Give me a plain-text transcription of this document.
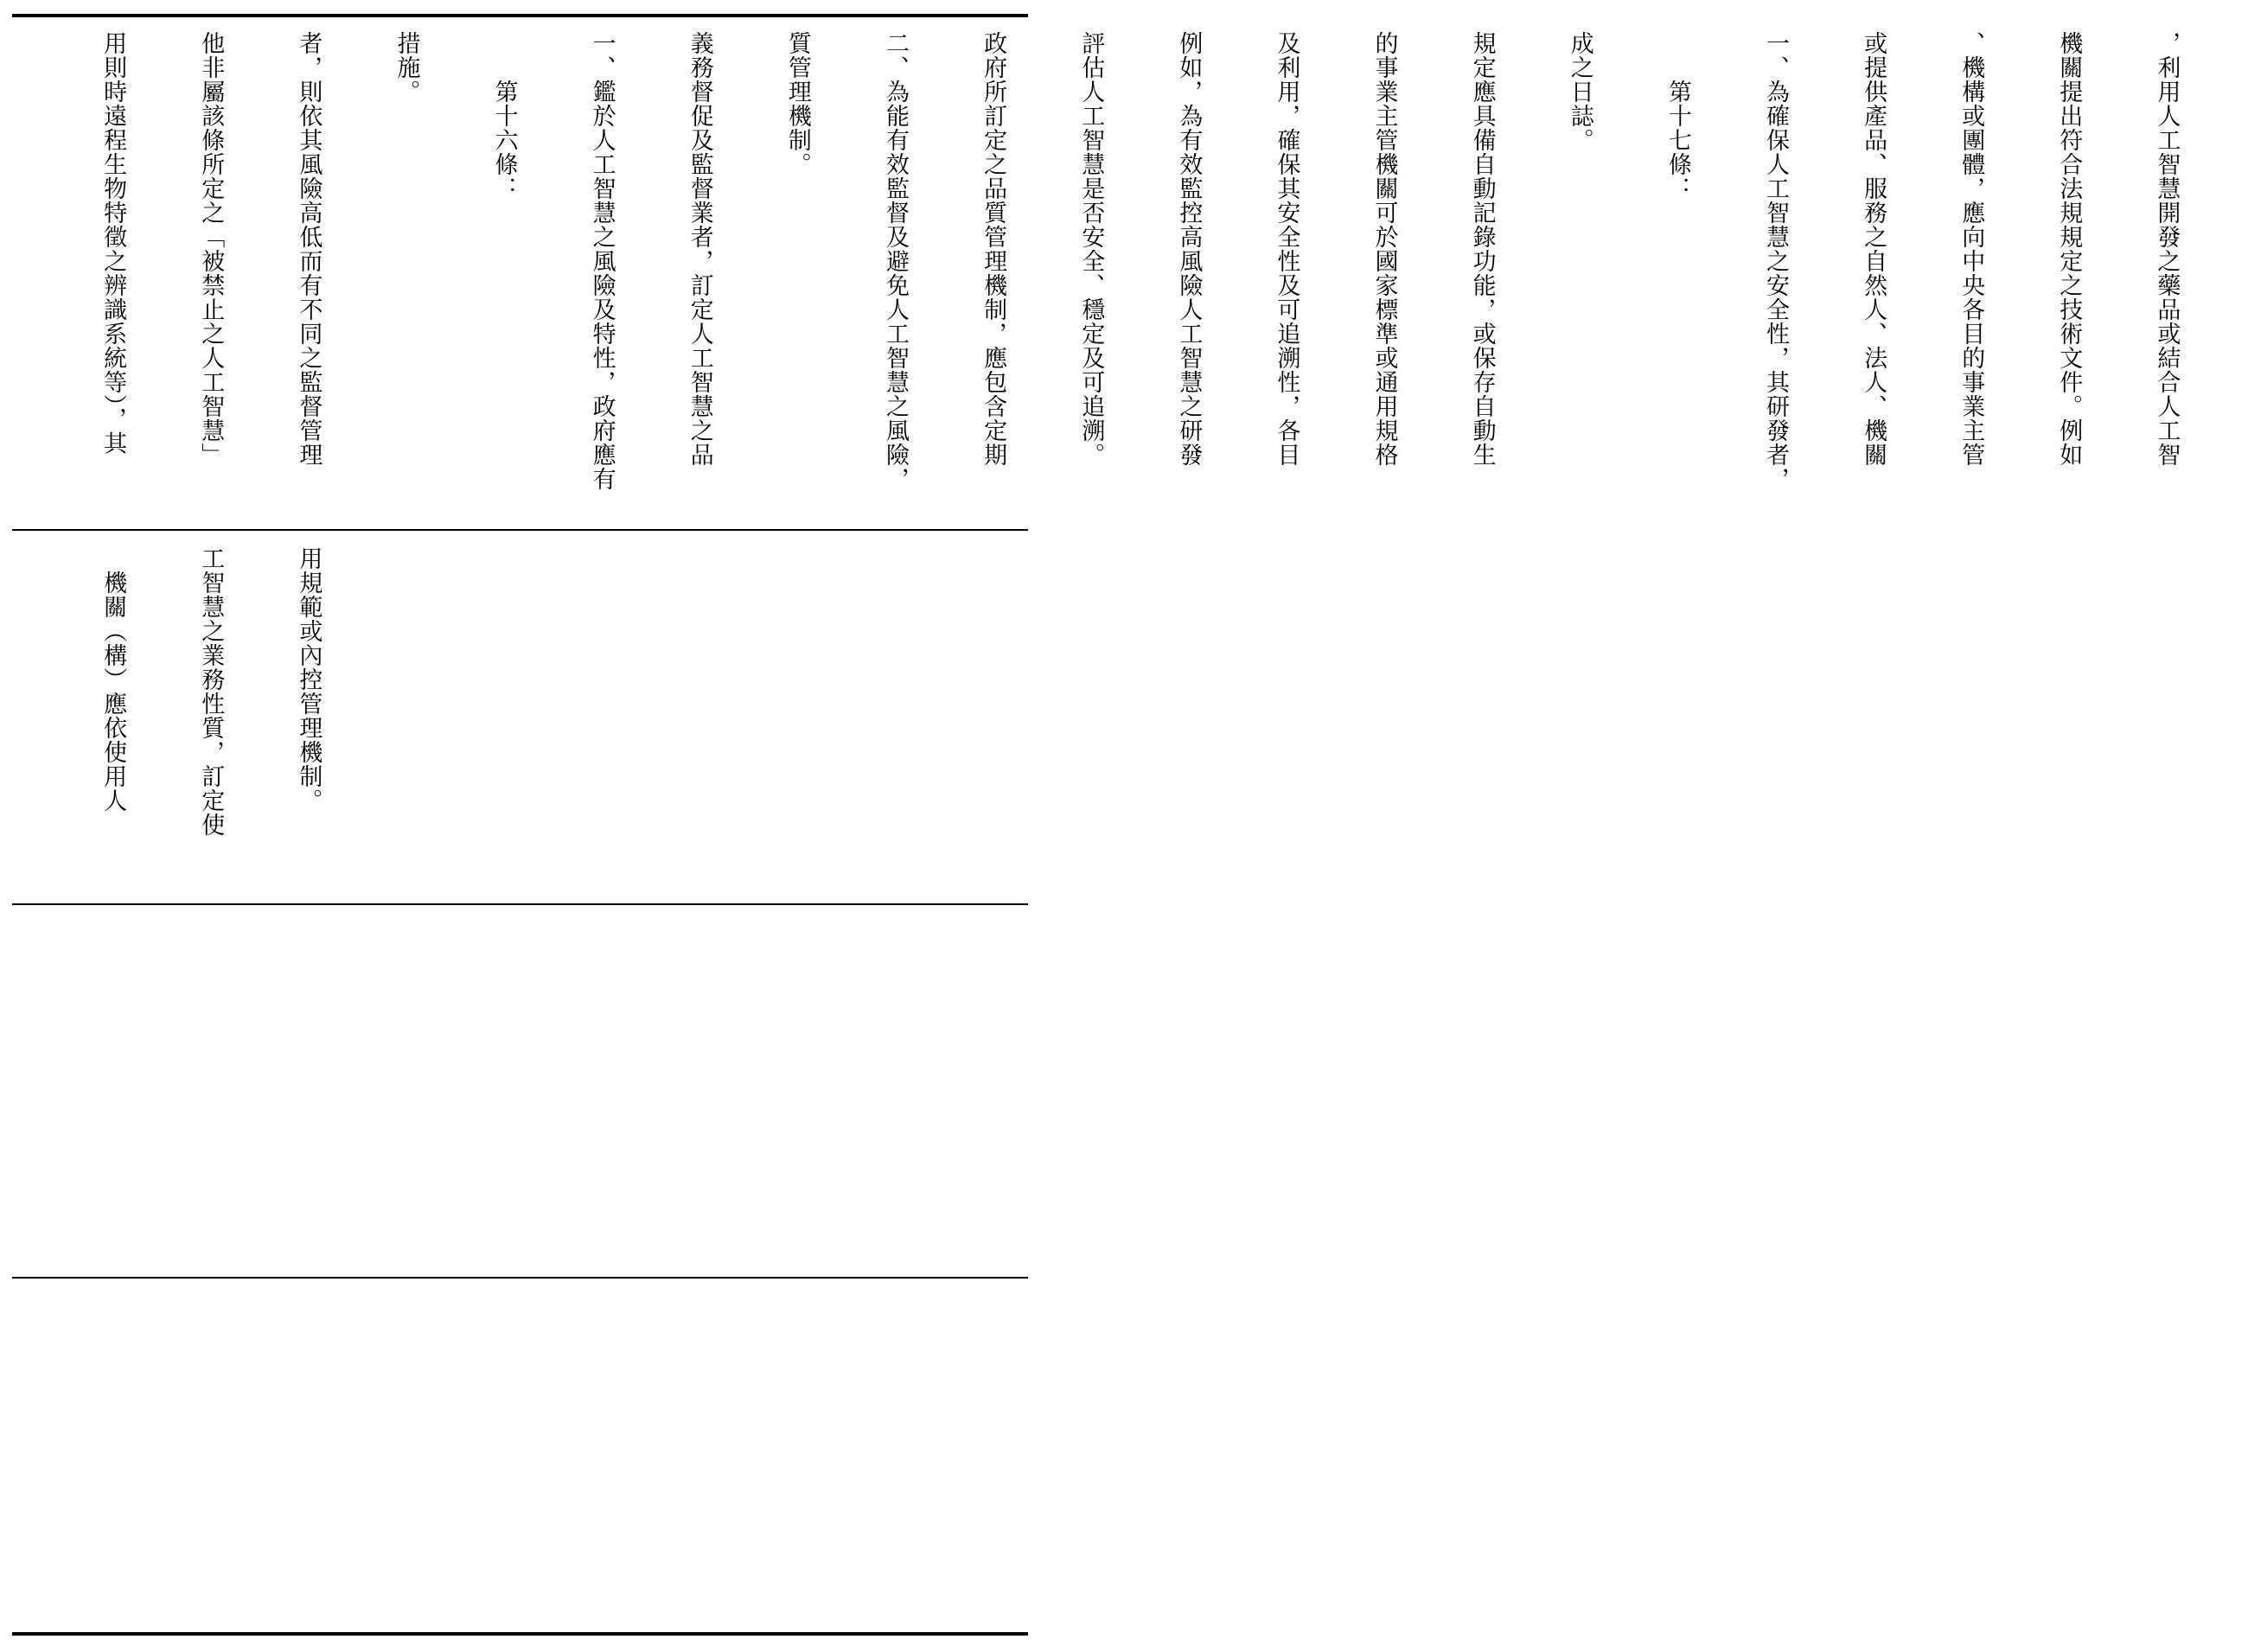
用則時遠程生物特徵之辨識系統等），其

	他非屬該條所定之「被禁止之人工智慧」

	者，則依其風險高低而有不同之監督管理

	措施。

	　　第十六條：

	一、鑑於人工智慧之風險及特性，政府應有

	義務督促及監督業者，訂定人工智慧之品

	質管理機制。

	二、為能有效監督及避免人工智慧之風險，

	政府所訂定之品質管理機制，應包含定期

	評估人工智慧是否安全、穩定及可追溯。

	例如，為有效監控高風險人工智慧之研發

	及利用，確保其安全性及可追溯性，各目

	的事業主管機關可於國家標準或通用規格

	規定應具備自動記錄功能，或保存自動生

	成之日誌。

	　　第十七條：

	一、為確保人工智慧之安全性，其研發者，

	或提供產品、服務之自然人、法人、機關

	、機構或團體，應向中央各目的事業主管

	機關提出符合法規規定之技術文件。例如

	，利用人工智慧開發之藥品或結合人工智

　機關（構）應依使用人

	工智慧之業務性質，訂定使

	用規範或內控管理機制。
